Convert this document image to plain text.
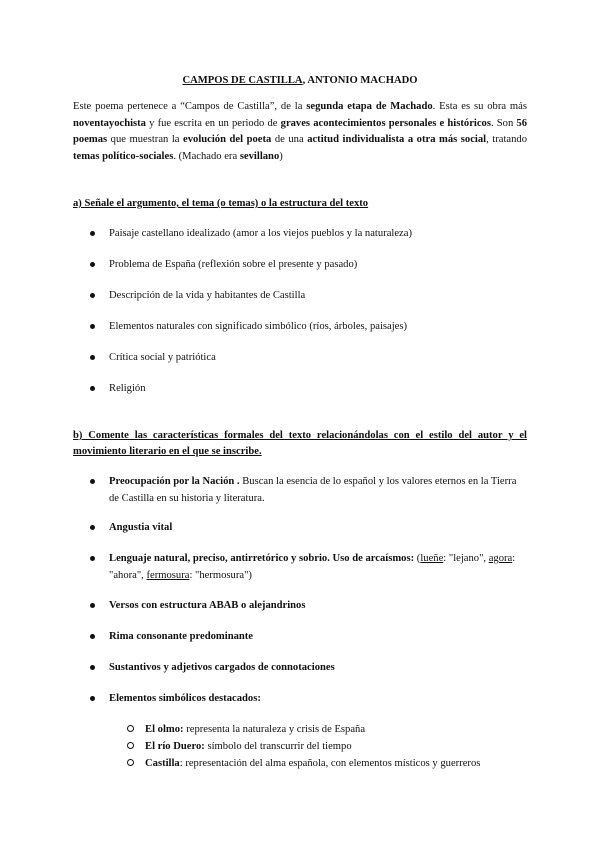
CAMPOS DE CASTILLA, ANTONIO MACHADO

Este poema pertenece a “Campos de Castilla”, de la segunda etapa de Machado. Esta es su obra más noventayochista y fue escrita en un periodo de graves acontecimientos personales e históricos. Son 56 poemas que muestran la evolución del poeta de una actitud individualista a otra más social, tratando temas político-sociales. (Machado era sevillano)

a) Señale el argumento, el tema (o temas) o la estructura del texto
Paisaje castellano idealizado (amor a los viejos pueblos y la naturaleza)
Problema de España (reflexión sobre el presente y pasado)
Descripción de la vida y habitantes de Castilla
Elementos naturales con significado simbólico (ríos, árboles, paisajes)
Crítica social y patriótica
Religión
b) Comente las características formales del texto relacionándolas con el estilo del autor y el movimiento literario en el que se inscribe.
Preocupación por la Nación . Buscan la esencia de lo español y los valores eternos en la Tierra de Castilla en su historia y literatura.
Angustia vital
Lenguaje natural, preciso, antirretórico y sobrio. Uso de arcaísmos: (lueñe: "lejano", agora: "ahora", fermosura: "hermosura")
Versos con estructura ABAB o alejandrinos
Rima consonante predominante
Sustantivos y adjetivos cargados de connotaciones
Elementos simbólicos destacados:
El olmo: representa la naturaleza y crisis de España
El río Duero: símbolo del transcurrir del tiempo
Castilla: representación del alma española, con elementos místicos y guerreros
